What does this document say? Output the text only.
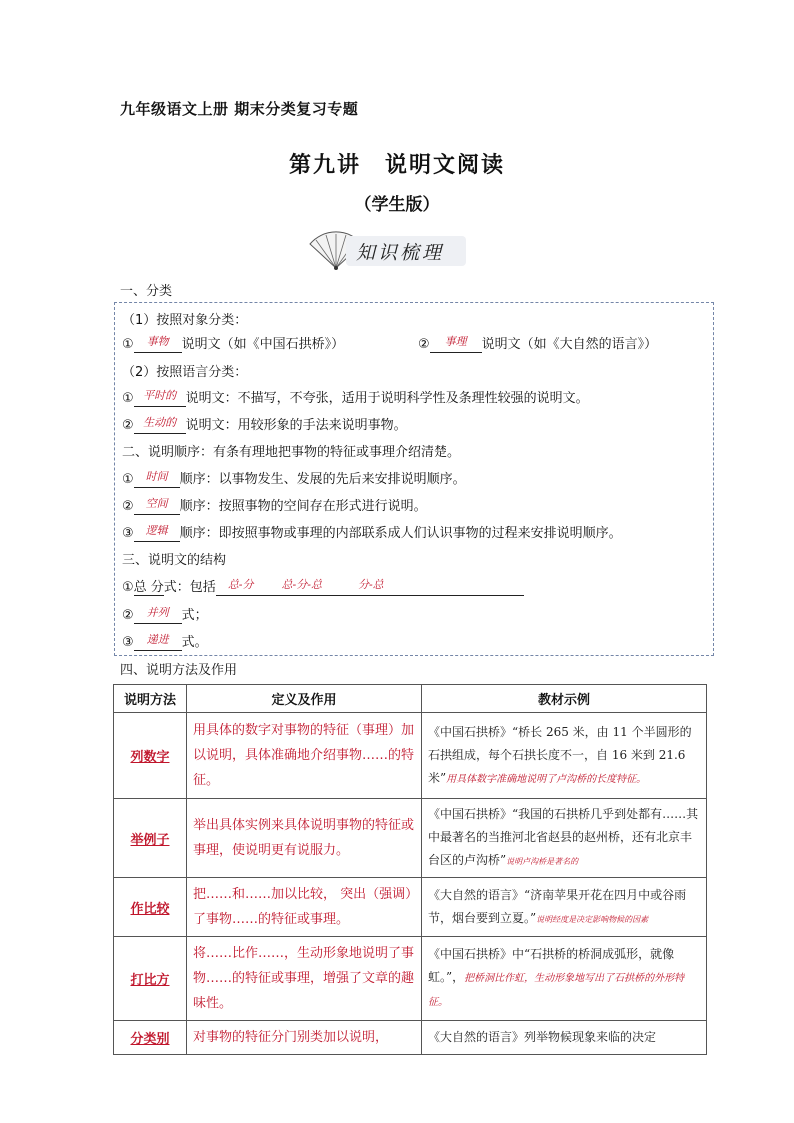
九年级语文上册 期末分类复习专题
第九讲　说明文阅读
（学生版）
知识梳理
一、分类
（1）按照对象分类：
① $^{事物}$ 说明文（如《中国石拱桥》）	② $^{事理}$ 说明文（如《大自然的语言》）
（2）按照语言分类：
① $^{平时的}$ 说明文：不描写，不夸张，适用于说明科学性及条理性较强的说明文。
② $^{生动的}$ 说明文：用较形象的手法来说明事物。
二、说明顺序：有条有理地把事物的特征或事理介绍清楚。
① $^{时间}$ 顺序：以事物发生、发展的先后来安排说明顺序。
② $^{空间}$ 顺序：按照事物的空间存在形式进行说明。
③ $^{逻辑}$ 顺序：即按照事物或事理的内部联系成人们认识事物的过程来安排说明顺序。
三、说明文的结构
①总 分式：包括 $^{总-分}$	$^{总-分-总}$	$^{分-总}$
② $^{并列}$ 式；
③ $^{递进}$ 式。
四、说明方法及作用
说明方法	定义及作用	教材示例
列数字	用具体的数字对事物的特征（事理）加以说明，具体准确地介绍事物……的特征。	《中国石拱桥》“桥长 265 米，由 11 个半圆形的石拱组成，每个石拱长度不一，自 16 米到 21.6 米”用具体数字准确地说明了卢沟桥的长度特征。
举例子	举出具体实例来具体说明事物的特征或事理，使说明更有说服力。	《中国石拱桥》“我国的石拱桥几乎到处都有……其中最著名的当推河北省赵县的赵州桥，还有北京丰台区的卢沟桥”说明卢沟桥是著名的
作比较	把……和……加以比较， 突出（强调）了事物……的特征或事理。	《大自然的语言》“济南苹果开花在四月中或谷雨节，烟台要到立夏。”说明经度是决定影响物候的因素
打比方	将……比作……，生动形象地说明了事物……的特征或事理，增强了文章的趣味性。	《中国石拱桥》中“石拱桥的桥洞成弧形，就像虹。”，把桥洞比作虹，生动形象地写出了石拱桥的外形特征。
分类别	对事物的特征分门别类加以说明，	《大自然的语言》列举物候现象来临的决定
